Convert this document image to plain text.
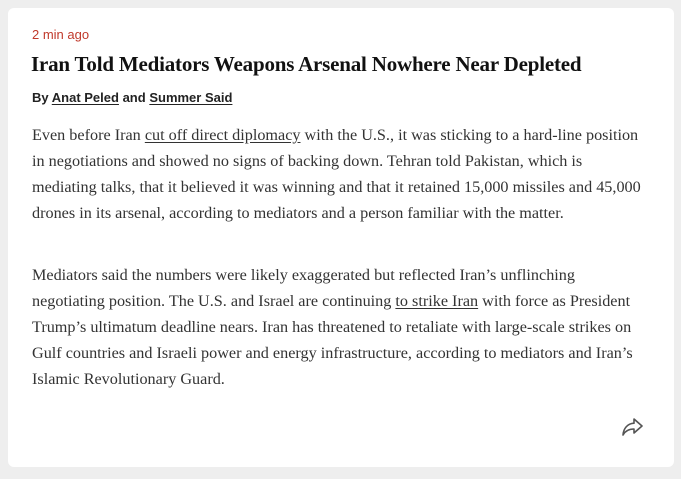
2 min ago
Iran Told Mediators Weapons Arsenal Nowhere Near Depleted
By Anat Peled and Summer Said

Even before Iran cut off direct diplomacy with the U.S., it was sticking to a hard-line position in negotiations and showed no signs of backing down. Tehran told Pakistan, which is mediating talks, that it believed it was winning and that it retained 15,000 missiles and 45,000 drones in its arsenal, according to mediators and a person familiar with the matter.

Mediators said the numbers were likely exaggerated but reflected Iran’s unflinching negotiating position. The U.S. and Israel are continuing to strike Iran with force as President Trump’s ultimatum deadline nears. Iran has threatened to retaliate with large-scale strikes on Gulf countries and Israeli power and energy infrastructure, according to mediators and Iran’s Islamic Revolutionary Guard.
